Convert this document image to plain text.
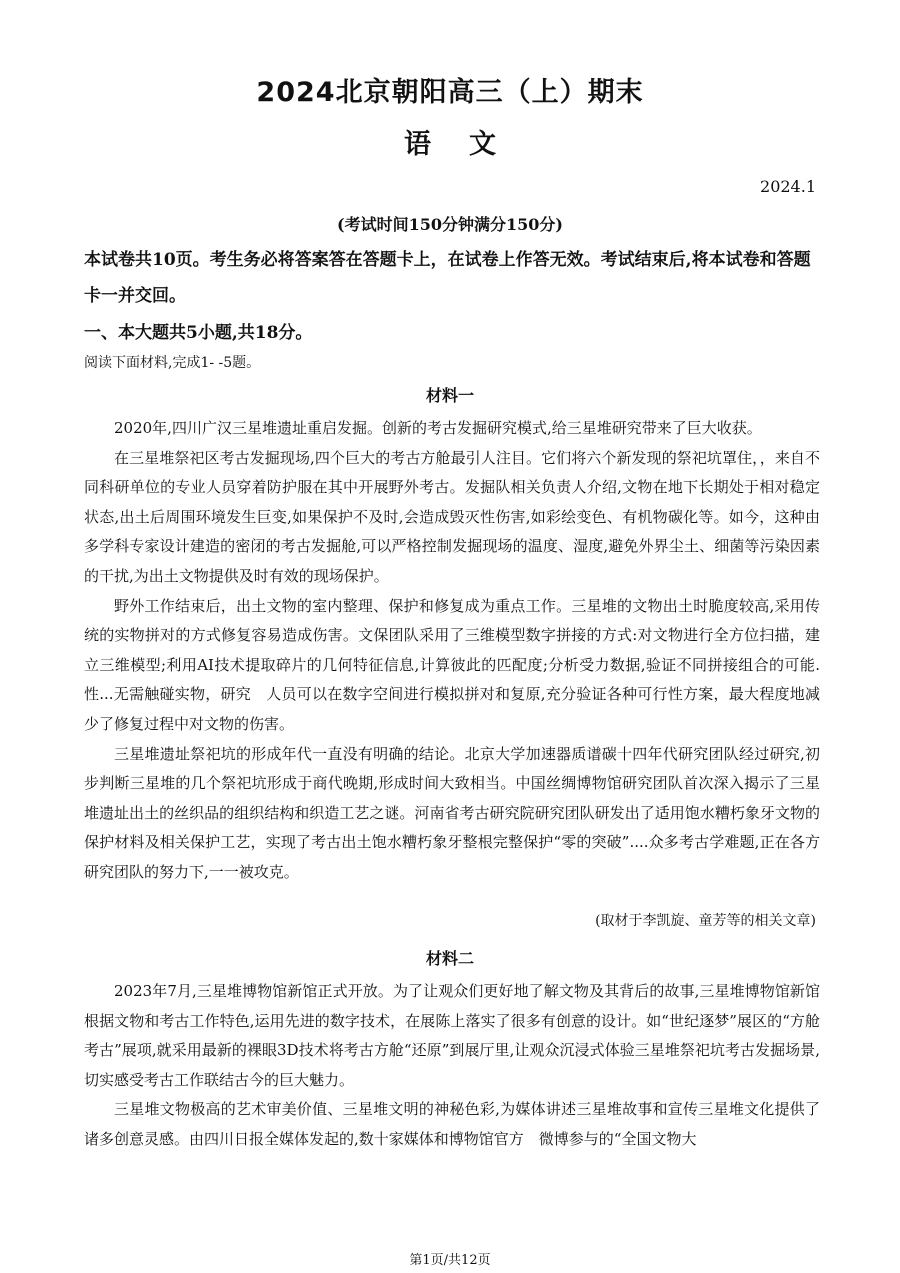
2024北京朝阳高三（上）期末
语文
2024.1
(考试时间150分钟满分150分)

本试卷共10页。考生务必将答案答在答题卡上，在试卷上作答无效。考试结束后,将本试卷和答题卡一并交回。

一、本大题共5小题,共18分。
阅读下面材料,完成1- -5题。
材料一

2020年,四川广汉三星堆遗址重启发掘。创新的考古发掘研究模式,给三星堆研究带来了巨大收获。

在三星堆祭祀区考古发掘现场,四个巨大的考古方舱最引人注目。它们将六个新发现的祭祀坑罩住，，来自不同科研单位的专业人员穿着防护服在其中开展野外考古。发掘队相关负责人介绍,文物在地下长期处于相对稳定状态,出土后周围环境发生巨变,如果保护不及时,会造成毁灭性伤害,如彩绘变色、有机物碳化等。如今，这种由多学科专家设计建造的密闭的考古发掘舱,可以严格控制发掘现场的温度、湿度,避免外界尘土、细菌等污染因素的干扰,为出土文物提供及时有效的现场保护。

野外工作结束后，出土文物的室内整理、保护和修复成为重点工作。三星堆的文物出土时脆度较高,采用传统的实物拼对的方式修复容易造成伤害。文保团队采用了三维模型数字拼接的方式:对文物进行全方位扫描，建立三维模型;利用AI技术提取碎片的几何特征信息,计算彼此的匹配度;分析受力数据,验证不同拼接组合的可能.性...无需触碰实物，研究　人员可以在数字空间进行模拟拼对和复原,充分验证各种可行性方案，最大程度地减少了修复过程中对文物的伤害。

三星堆遗址祭祀坑的形成年代一直没有明确的结论。北京大学加速器质谱碳十四年代研究团队经过研究,初步判断三星堆的几个祭祀坑形成于商代晚期,形成时间大致相当。中国丝绸博物馆研究团队首次深入揭示了三星堆遗址出土的丝织品的组织结构和织造工艺之谜。河南省考古研究院研究团队研发出了适用饱水糟朽象牙文物的保护材料及相关保护工艺，实现了考古出土饱水糟朽象牙整根完整保护“零的突破”....众多考古学难题,正在各方研究团队的努力下,一一被攻克。

(取材于李凯旋、童芳等的相关文章)
材料二

2023年7月,三星堆博物馆新馆正式开放。为了让观众们更好地了解文物及其背后的故事,三星堆博物馆新馆根据文物和考古工作特色,运用先进的数字技术，在展陈上落实了很多有创意的设计。如“世纪逐梦”展区的“方舱考古”展项,就采用最新的裸眼3D技术将考古方舱“还原”到展厅里,让观众沉浸式体验三星堆祭祀坑考古发掘场景,切实感受考古工作联结古今的巨大魅力。

三星堆文物极高的艺术审美价值、三星堆文明的神秘色彩,为媒体讲述三星堆故事和宣传三星堆文化提供了诸多创意灵感。由四川日报全媒体发起的,数十家媒体和博物馆官方　微博参与的“全国文物大

第1页/共12页
